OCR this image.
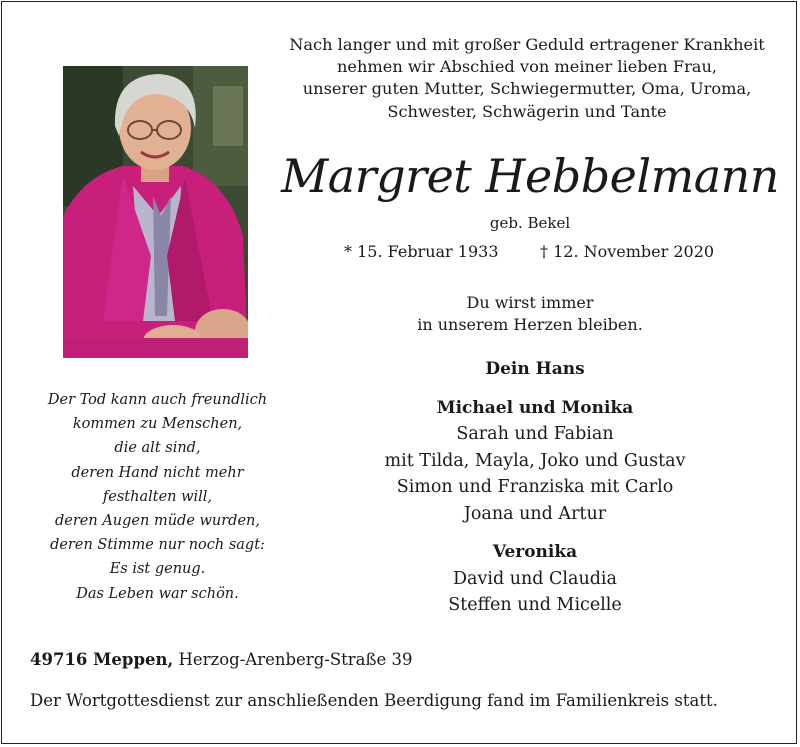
Der Tod kann auch freundlich
kommen zu Menschen,
die alt sind,
deren Hand nicht mehr
festhalten will,
deren Augen müde wurden,
deren Stimme nur noch sagt:
Es ist genug.
Das Leben war schön.
Nach langer und mit großer Geduld ertragener Krankheit
nehmen wir Abschied von meiner lieben Frau,
unserer guten Mutter, Schwiegermutter, Oma, Uroma,
Schwester, Schwägerin und Tante
Margret Hebbelmann
geb. Bekel
* 15. Februar 1933	† 12. November 2020
Du wirst immer
in unserem Herzen bleiben.
Dein Hans
Michael und Monika
Sarah und Fabian
mit Tilda, Mayla, Joko und Gustav
Simon und Franziska mit Carlo
Joana und Artur
Veronika
David und Claudia
Steffen und Micelle
49716 Meppen, Herzog-Arenberg-Straße 39
Der Wortgottesdienst zur anschließenden Beerdigung fand im Familienkreis statt.
